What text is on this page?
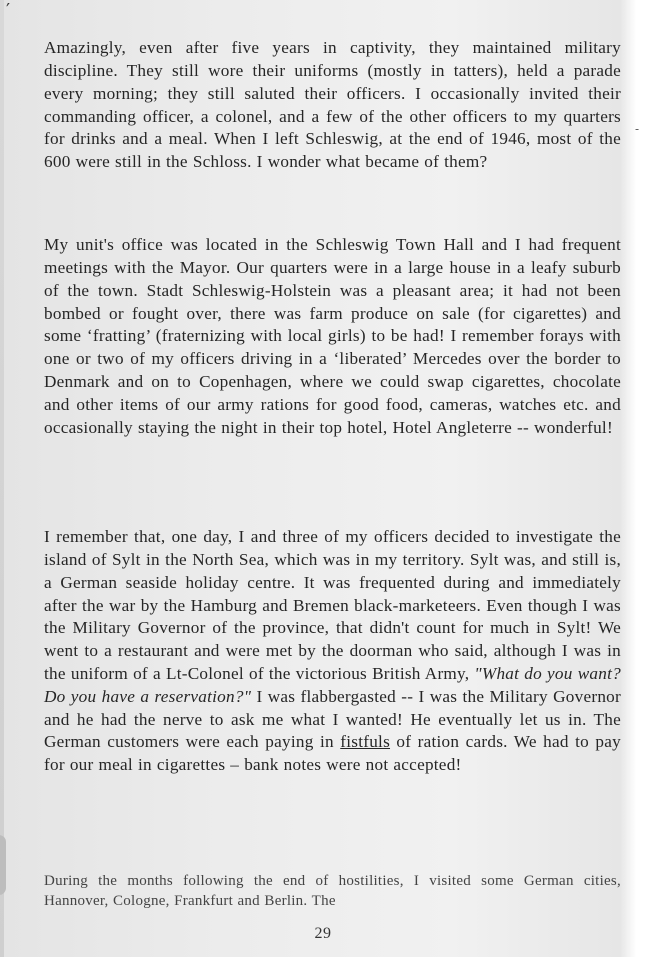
′
-

Amazingly, even after five years in captivity, they maintained military discipline. They still wore their uniforms (mostly in tatters), held a parade every morning; they still saluted their officers. I occasionally invited their commanding officer, a colonel, and a few of the other officers to my quarters for drinks and a meal. When I left Schleswig, at the end of 1946, most of the 600 were still in the Schloss. I wonder what became of them?

My unit's office was located in the Schleswig Town Hall and I had frequent meetings with the Mayor. Our quarters were in a large house in a leafy suburb of the town. Stadt Schleswig-Holstein was a pleasant area; it had not been bombed or fought over, there was farm produce on sale (for cigarettes) and some ‘fratting’ (fraternizing with local girls) to be had! I remember forays with one or two of my officers driving in a ‘liberated’ Mercedes over the border to Denmark and on to Copenhagen, where we could swap cigarettes, chocolate and other items of our army rations for good food, cameras, watches etc. and occasionally staying the night in their top hotel, Hotel Angleterre -- wonderful!

I remember that, one day, I and three of my officers decided to investigate the island of Sylt in the North Sea, which was in my territory. Sylt was, and still is, a German seaside holiday centre. It was frequented during and immediately after the war by the Hamburg and Bremen black-marketeers. Even though I was the Military Governor of the province, that didn't count for much in Sylt! We went to a restaurant and were met by the doorman who said, although I was in the uniform of a Lt-Colonel of the victorious British Army, "What do you want? Do you have a reservation?" I was flabbergasted -- I was the Military Governor and he had the nerve to ask me what I wanted! He eventually let us in. The German customers were each paying in fistfuls of ration cards. We had to pay for our meal in cigarettes – bank notes were not accepted!

During the months following the end of hostilities, I visited some German cities, Hannover, Cologne, Frankfurt and Berlin. The

29
